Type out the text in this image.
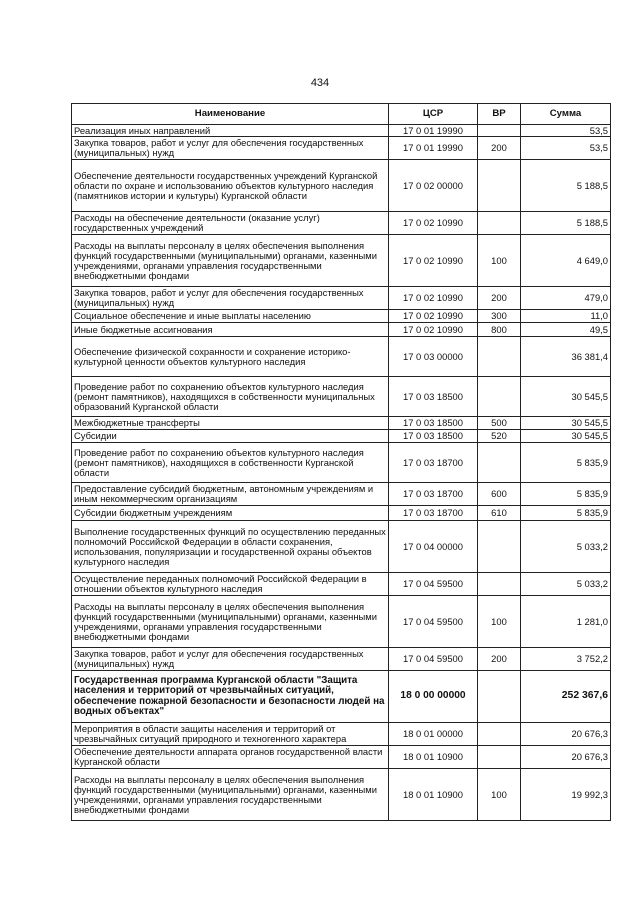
434
Наименование	ЦСР	ВР	Сумма
Реализация иных направлений	17 0 01 19990		53,5
Закупка товаров, работ и услуг для обеспечения государственных (муниципальных) нужд	17 0 01 19990	200	53,5
Обеспечение деятельности государственных учреждений Курганской области по охране и использованию объектов культурного наследия (памятников истории и культуры) Курганской области	17 0 02 00000		5 188,5
Расходы на обеспечение деятельности (оказание услуг) государственных учреждений	17 0 02 10990		5 188,5
Расходы на выплаты персоналу в целях обеспечения выполнения функций государственными (муниципальными) органами, казенными учреждениями, органами управления государственными внебюджетными фондами	17 0 02 10990	100	4 649,0
Закупка товаров, работ и услуг для обеспечения государственных (муниципальных) нужд	17 0 02 10990	200	479,0
Социальное обеспечение и иные выплаты населению	17 0 02 10990	300	11,0
Иные бюджетные ассигнования	17 0 02 10990	800	49,5
Обеспечение физической сохранности и сохранение историко-культурной ценности объектов культурного наследия	17 0 03 00000		36 381,4
Проведение работ по сохранению объектов культурного наследия (ремонт памятников), находящихся в собственности муниципальных образований Курганской области	17 0 03 18500		30 545,5
Межбюджетные трансферты	17 0 03 18500	500	30 545,5
Субсидии	17 0 03 18500	520	30 545,5
Проведение работ по сохранению объектов культурного наследия (ремонт памятников), находящихся в собственности Курганской области	17 0 03 18700		5 835,9
Предоставление субсидий бюджетным, автономным учреждениям и иным некоммерческим организациям	17 0 03 18700	600	5 835,9
Субсидии бюджетным учреждениям	17 0 03 18700	610	5 835,9
Выполнение государственных функций по осуществлению переданных полномочий Российской Федерации в области сохранения, использования, популяризации и государственной охраны объектов культурного наследия	17 0 04 00000		5 033,2
Осуществление переданных полномочий Российской Федерации в отношении объектов культурного наследия	17 0 04 59500		5 033,2
Расходы на выплаты персоналу в целях обеспечения выполнения функций государственными (муниципальными) органами, казенными учреждениями, органами управления государственными внебюджетными фондами	17 0 04 59500	100	1 281,0
Закупка товаров, работ и услуг для обеспечения государственных (муниципальных) нужд	17 0 04 59500	200	3 752,2
Государственная программа Курганской области "Защита населения и территорий от чрезвычайных ситуаций, обеспечение пожарной безопасности и безопасности людей на водных объектах"	18 0 00 00000		252 367,6
Мероприятия в области защиты населения и территорий от чрезвычайных ситуаций природного и техногенного характера	18 0 01 00000		20 676,3
Обеспечение деятельности аппарата органов государственной власти Курганской области	18 0 01 10900		20 676,3
Расходы на выплаты персоналу в целях обеспечения выполнения функций государственными (муниципальными) органами, казенными учреждениями, органами управления государственными внебюджетными фондами	18 0 01 10900	100	19 992,3
